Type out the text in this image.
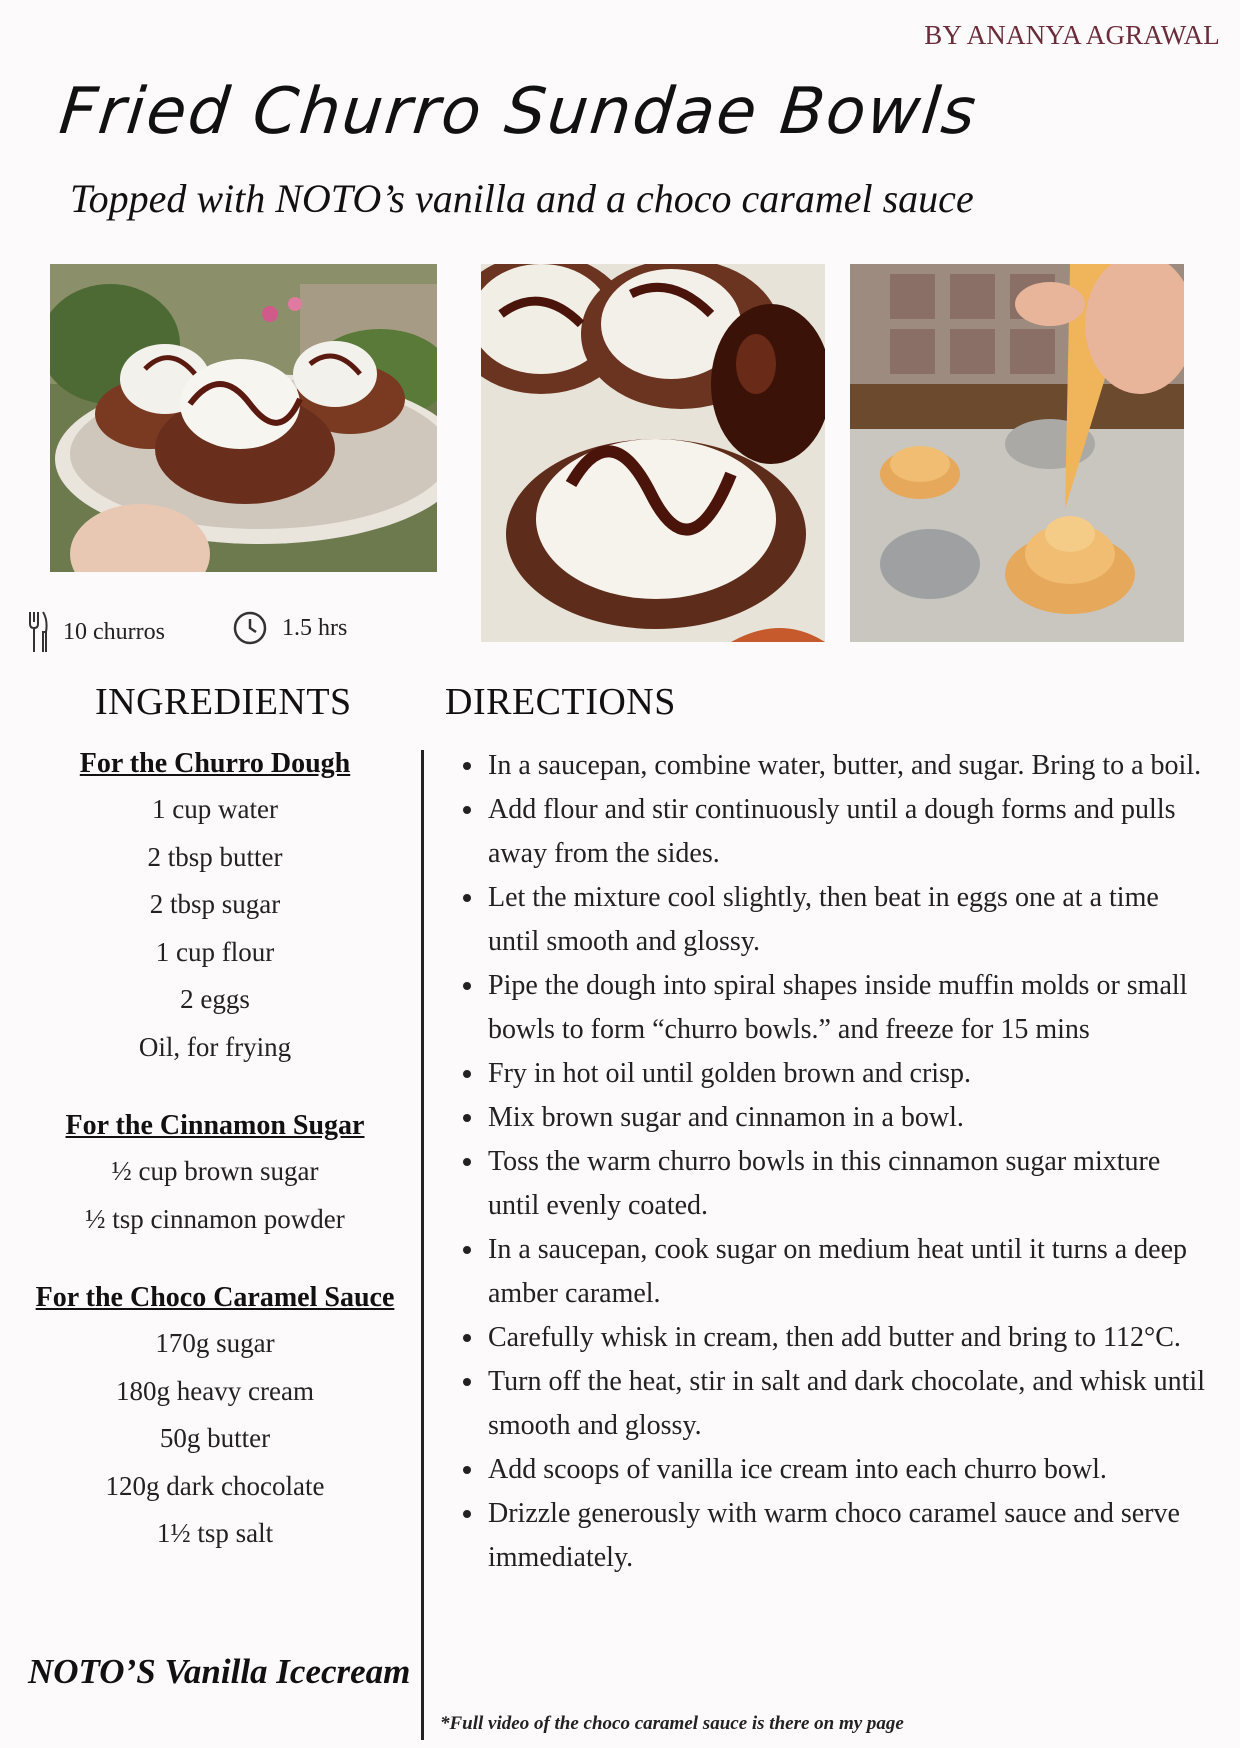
BY ANANYA AGRAWAL
Fried Churro Sundae Bowls
Topped with NOTO’s vanilla and a choco caramel sauce
10 churros	1.5 hrs
INGREDIENTS DIRECTIONS
For the Churro Dough
1 cup water
2 tbsp butter
2 tbsp sugar
1 cup flour
2 eggs
Oil, for frying
For the Cinnamon Sugar
½ cup brown sugar
½ tsp cinnamon powder
For the Choco Caramel Sauce
170g sugar
180g heavy cream
50g butter
120g dark chocolate
1½ tsp salt
NOTO’S Vanilla Icecream
• In a saucepan, combine water, butter, and sugar. Bring to a boil.
• Add flour and stir continuously until a dough forms and pulls away from the sides.
• Let the mixture cool slightly, then beat in eggs one at a time until smooth and glossy.
• Pipe the dough into spiral shapes inside muffin molds or small bowls to form “churro bowls.” and freeze for 15 mins
• Fry in hot oil until golden brown and crisp.
• Mix brown sugar and cinnamon in a bowl.
• Toss the warm churro bowls in this cinnamon sugar mixture until evenly coated.
• In a saucepan, cook sugar on medium heat until it turns a deep amber caramel.
• Carefully whisk in cream, then add butter and bring to 112°C.
• Turn off the heat, stir in salt and dark chocolate, and whisk until smooth and glossy.
• Add scoops of vanilla ice cream into each churro bowl.
• Drizzle generously with warm choco caramel sauce and serve immediately.
*Full video of the choco caramel sauce is there on my page
